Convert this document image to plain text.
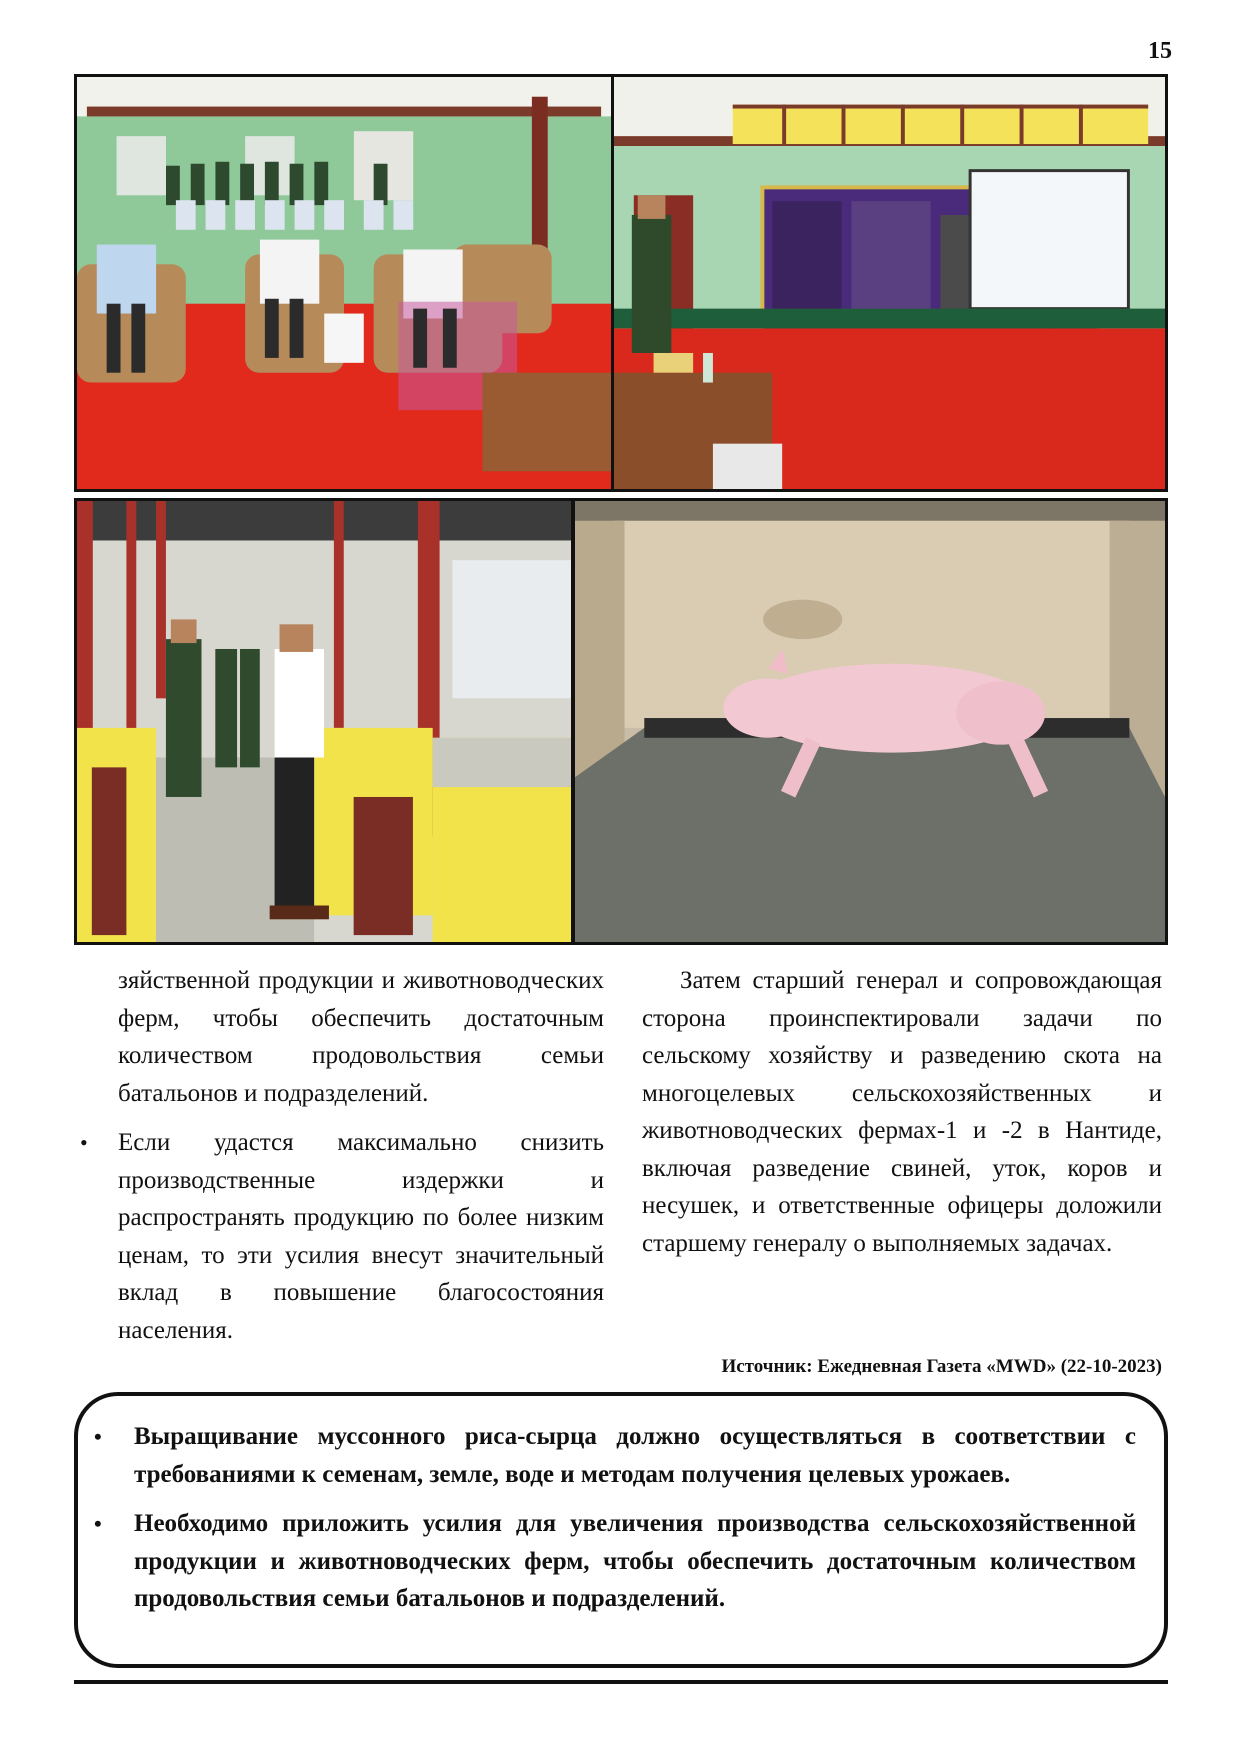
15

зяйственной продукции и животноводческих ферм, чтобы обеспечить достаточным количеством продовольствия семьи батальонов и подразделений.

• Если удастся максимально снизить производственные издержки и распространять продукцию по более низким ценам, то эти усилия внесут значительный вклад в повышение благосостояния населения.

Затем старший генерал и сопровождающая сторона проинспектировали задачи по сельскому хозяйству и разведению скота на многоцелевых сельскохозяйственных и животноводческих фермах-1 и -2 в Нантиде, включая разведение свиней, уток, коров и несушек, и ответственные офицеры доложили старшему генералу о выполняемых задачах.

Источник: Ежедневная Газета «MWD» (22-10-2023)
• Выращивание муссонного риса-сырца должно осуществляться в соответствии с требованиями к семенам, земле, воде и методам получения целевых урожаев.
• Необходимо приложить усилия для увеличения производства сельскохозяйственной продукции и животноводческих ферм, чтобы обеспечить достаточным количеством продовольствия семьи батальонов и подразделений.
